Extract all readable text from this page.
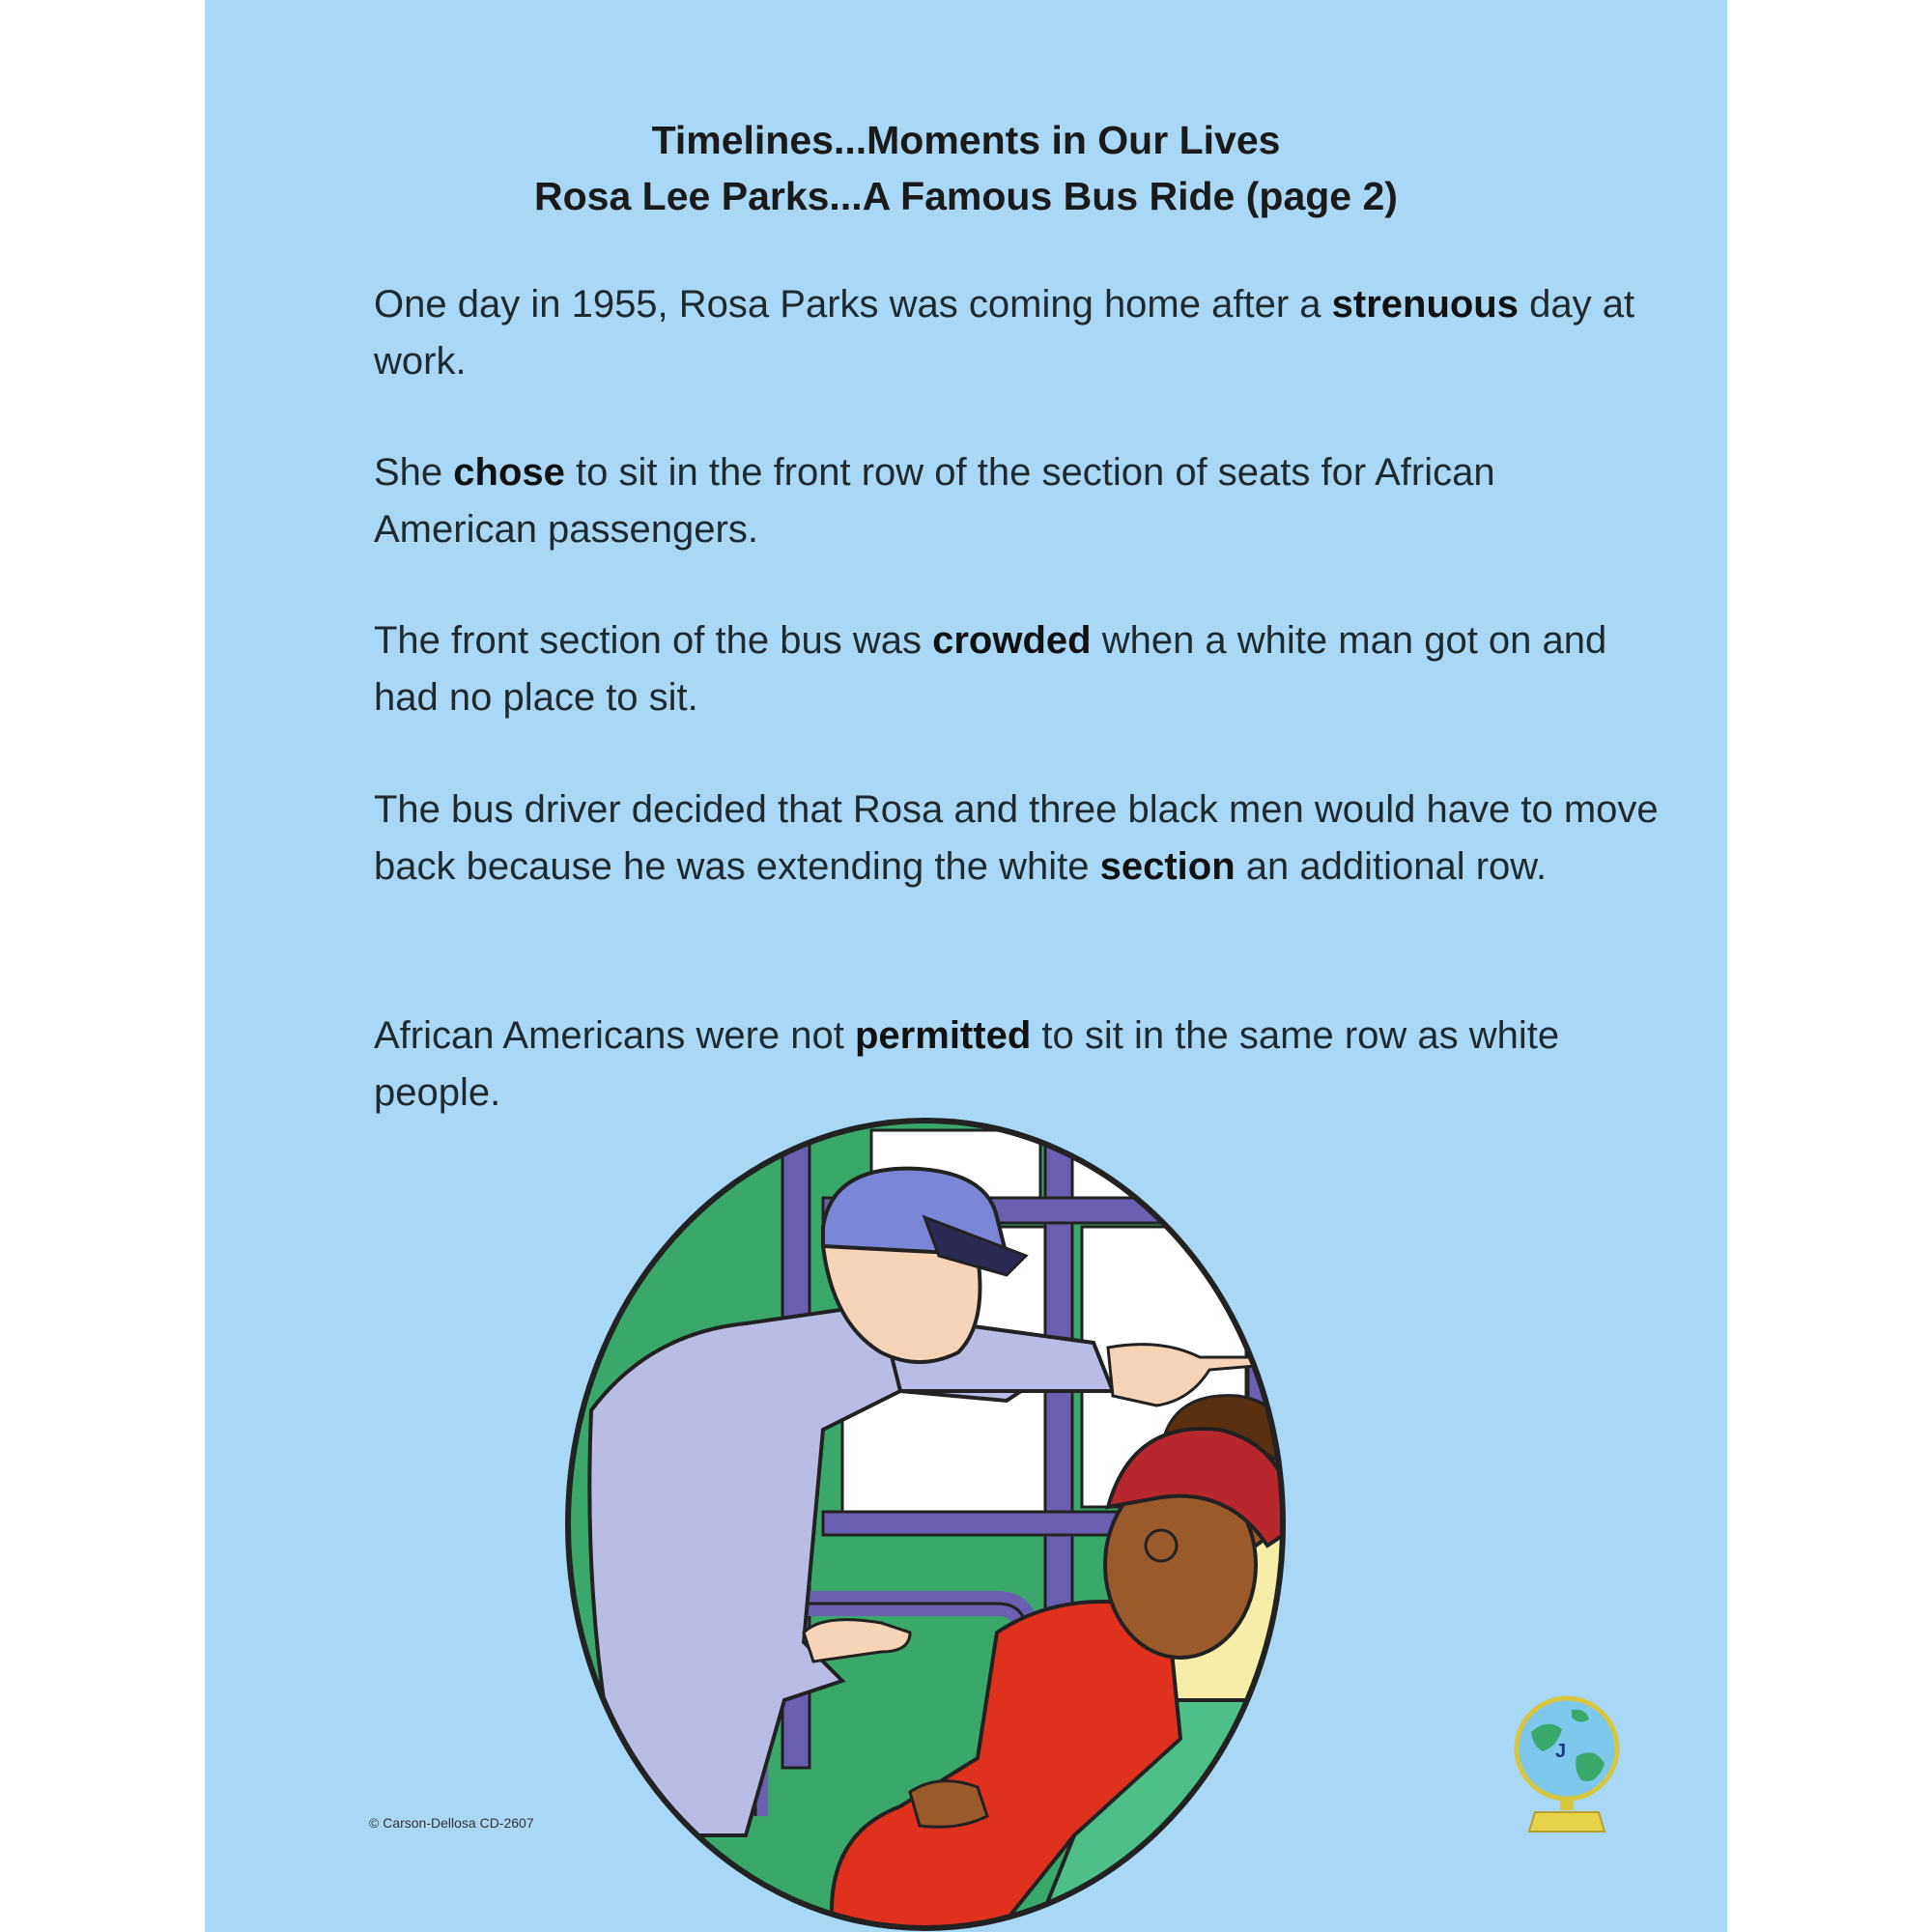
Timelines...Moments in Our Lives
Rosa Lee Parks...A Famous Bus Ride (page 2)

One day in 1955, Rosa Parks was coming home after a strenuous day at work.

She chose to sit in the front row of the section of seats for African American passengers.

The front section of the bus was crowded when a white man got on and had no place to sit.

The bus driver decided that Rosa and three black men would have to move back because he was extending the white section an additional row.

African Americans were not permitted to sit in the same row as white people.

© Carson-Dellosa CD-2607
J
